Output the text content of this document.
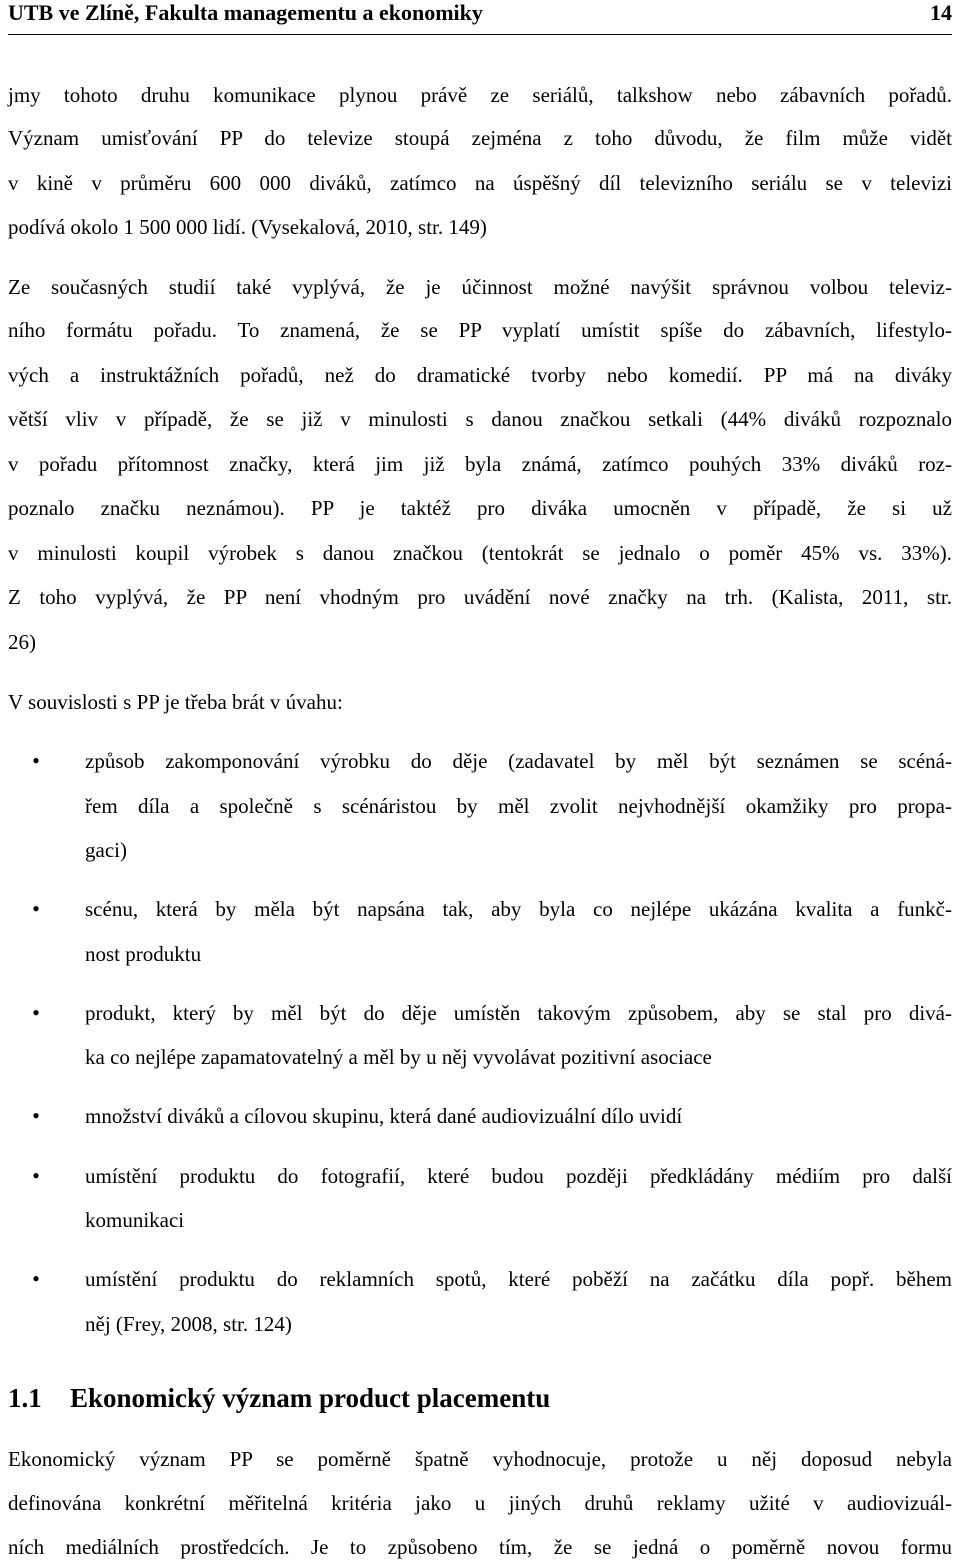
UTB ve Zlíně, Fakulta managementu a ekonomiky	14
jmy tohoto druhu komunikace plynou právě ze seriálů, talkshow nebo zábavních pořadů.
Význam umisťování PP do televize stoupá zejména z toho důvodu, že film může vidět
v kině v průměru 600 000 diváků, zatímco na úspěšný díl televizního seriálu se v televizi
podívá okolo 1 500 000 lidí. (Vysekalová, 2010, str. 149)
Ze současných studií také vyplývá, že je účinnost možné navýšit správnou volbou televiz-
ního formátu pořadu. To znamená, že se PP vyplatí umístit spíše do zábavních, lifestylo-
vých a instruktážních pořadů, než do dramatické tvorby nebo komedií. PP má na diváky
větší vliv v případě, že se již v minulosti s danou značkou setkali (44% diváků rozpoznalo
v pořadu přítomnost značky, která jim již byla známá, zatímco pouhých 33% diváků roz-
poznalo značku neznámou). PP je taktéž pro diváka umocněn v případě, že si už
v minulosti koupil výrobek s danou značkou (tentokrát se jednalo o poměr 45% vs. 33%).
Z toho vyplývá, že PP není vhodným pro uvádění nové značky na trh. (Kalista, 2011, str.
26)
V souvislosti s PP je třeba brát v úvahu:
•
způsob zakomponování výrobku do děje (zadavatel by měl být seznámen se scéná-
řem díla a společně s scénáristou by měl zvolit nejvhodnější okamžiky pro propa-
gaci)
•
scénu, která by měla být napsána tak, aby byla co nejlépe ukázána kvalita a funkč-
nost produktu
•
produkt, který by měl být do děje umístěn takovým způsobem, aby se stal pro divá-
ka co nejlépe zapamatovatelný a měl by u něj vyvolávat pozitivní asociace
•
množství diváků a cílovou skupinu, která dané audiovizuální dílo uvidí
•
umístění produktu do fotografií, které budou později předkládány médiím pro další
komunikaci
•
umístění produktu do reklamních spotů, které poběží na začátku díla popř. během
něj (Frey, 2008, str. 124)
1.1 Ekonomický význam product placementu
Ekonomický význam PP se poměrně špatně vyhodnocuje, protože u něj doposud nebyla
definována konkrétní měřitelná kritéria jako u jiných druhů reklamy užité v audiovizuál-
ních mediálních prostředcích. Je to způsobeno tím, že se jedná o poměrně novou formu
